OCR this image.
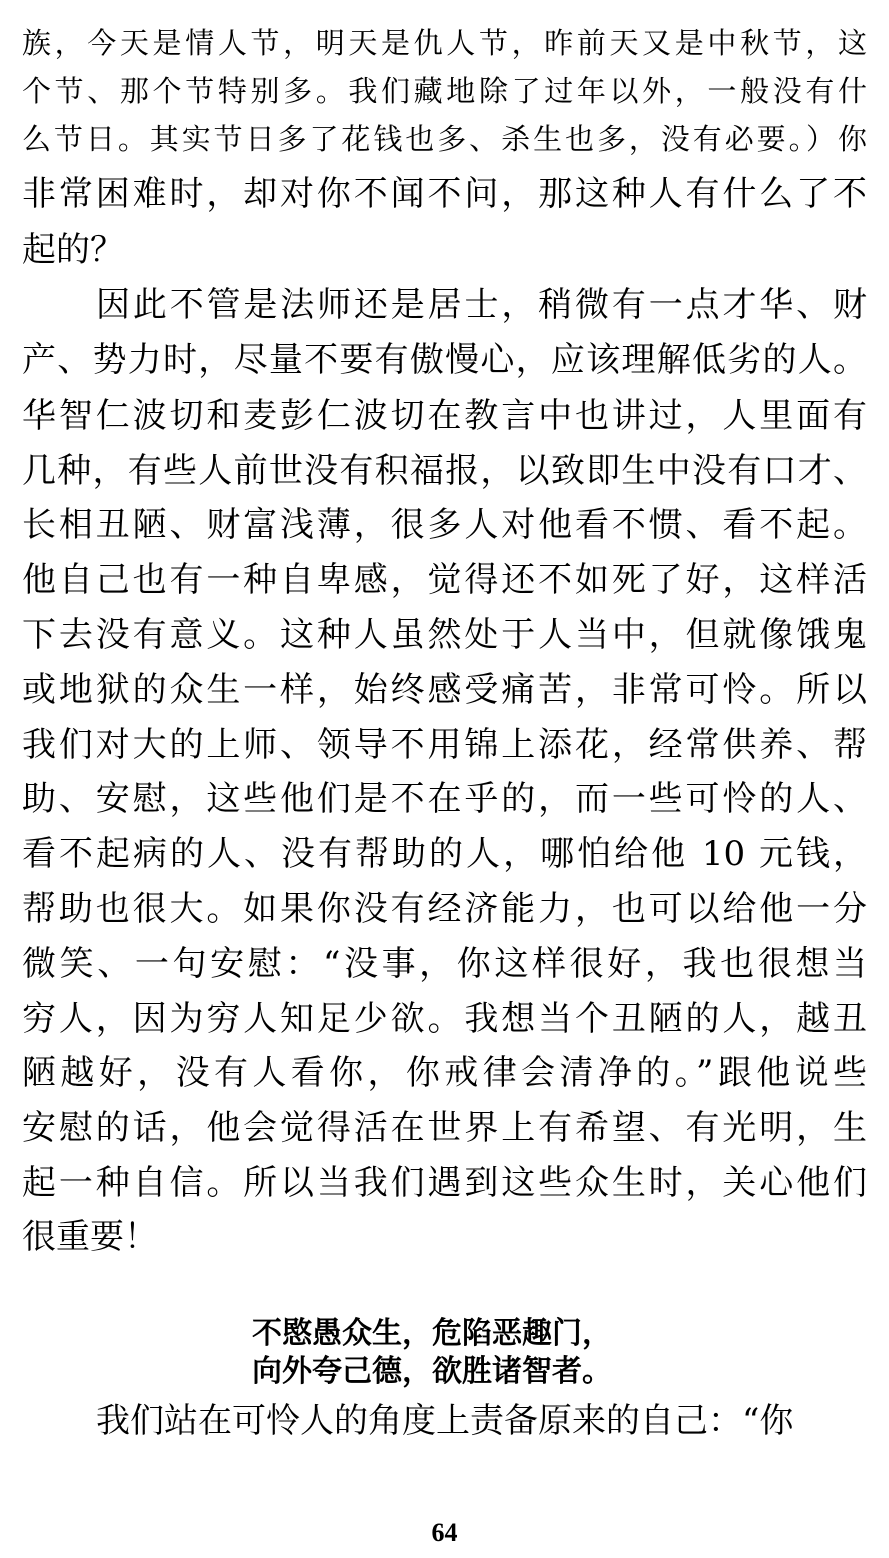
族，今天是情人节，明天是仇人节，昨前天又是中秋节，这
个节、那个节特别多。我们藏地除了过年以外，一般没有什
么节日。其实节日多了花钱也多、杀生也多，没有必要。）你
非常困难时，却对你不闻不问，那这种人有什么了不
起的？
因此不管是法师还是居士，稍微有一点才华、财
产、势力时，尽量不要有傲慢心，应该理解低劣的人。
华智仁波切和麦彭仁波切在教言中也讲过，人里面有
几种，有些人前世没有积福报，以致即生中没有口才、
长相丑陋、财富浅薄，很多人对他看不惯、看不起。
他自己也有一种自卑感，觉得还不如死了好，这样活
下去没有意义。这种人虽然处于人当中，但就像饿鬼
或地狱的众生一样，始终感受痛苦，非常可怜。所以
我们对大的上师、领导不用锦上添花，经常供养、帮
助、安慰，这些他们是不在乎的，而一些可怜的人、
看不起病的人、没有帮助的人，哪怕给他 10 元钱，
帮助也很大。如果你没有经济能力，也可以给他一分
微笑、一句安慰：“没事，你这样很好，我也很想当
穷人，因为穷人知足少欲。我想当个丑陋的人，越丑
陋越好，没有人看你，你戒律会清净的。”跟他说些
安慰的话，他会觉得活在世界上有希望、有光明，生
起一种自信。所以当我们遇到这些众生时，关心他们
很重要！
不愍愚众生，危陷恶趣门，
向外夸己德，欲胜诸智者。
我们站在可怜人的角度上责备原来的自己：“你
64
